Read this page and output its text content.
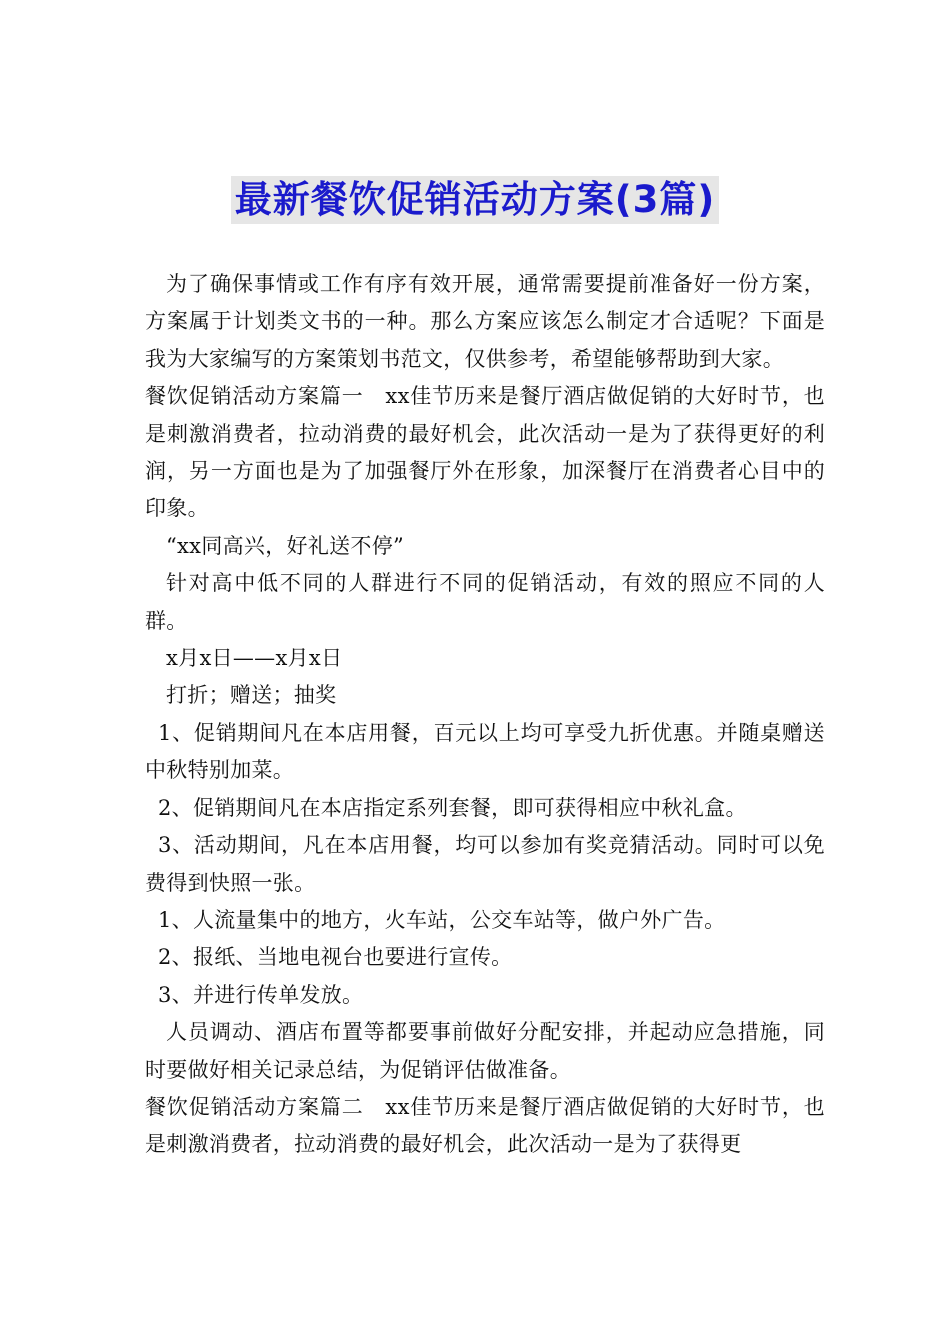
最新餐饮促销活动方案(3篇)

为了确保事情或工作有序有效开展，通常需要提前准备好一份方案，方案属于计划类文书的一种。那么方案应该怎么制定才合适呢？下面是我为大家编写的方案策划书范文，仅供参考，希望能够帮助到大家。

餐饮促销活动方案篇一　xx佳节历来是餐厅酒店做促销的大好时节，也是刺激消费者，拉动消费的最好机会，此次活动一是为了获得更好的利润，另一方面也是为了加强餐厅外在形象，加深餐厅在消费者心目中的印象。

“xx同高兴，好礼送不停”

针对高中低不同的人群进行不同的促销活动，有效的照应不同的人群。

x月x日——x月x日

打折；赠送；抽奖

1、促销期间凡在本店用餐，百元以上均可享受九折优惠。并随桌赠送中秋特别加菜。

2、促销期间凡在本店指定系列套餐，即可获得相应中秋礼盒。

3、活动期间，凡在本店用餐，均可以参加有奖竞猜活动。同时可以免费得到快照一张。

1、人流量集中的地方，火车站，公交车站等，做户外广告。

2、报纸、当地电视台也要进行宣传。

3、并进行传单发放。

人员调动、酒店布置等都要事前做好分配安排，并起动应急措施，同时要做好相关记录总结，为促销评估做准备。

餐饮促销活动方案篇二　xx佳节历来是餐厅酒店做促销的大好时节，也是刺激消费者，拉动消费的最好机会，此次活动一是为了获得更
